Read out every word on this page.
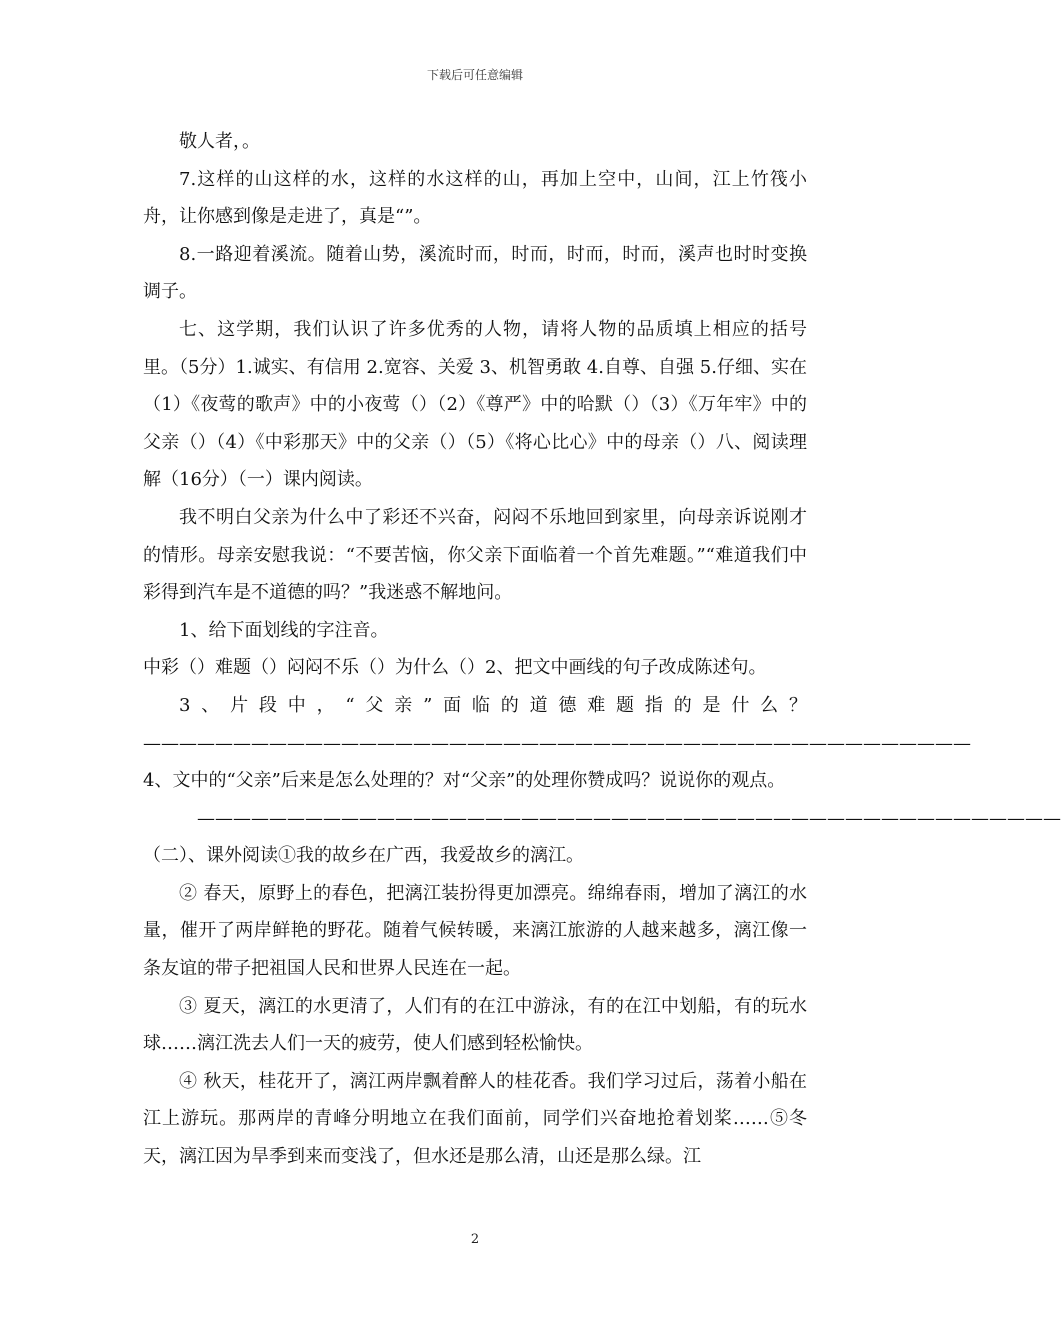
下载后可任意编辑

敬人者，。

7.这样的山这样的水，这样的水这样的山，再加上空中，山间，江上竹筏小舟，让你感到像是走进了，真是“”。

8.一路迎着溪流。随着山势，溪流时而，时而，时而，时而，溪声也时时变换调子。

七、这学期，我们认识了许多优秀的人物，请将人物的品质填上相应的括号里。（5分）1.诚实、有信用 2.宽容、关爱 3、机智勇敢 4.自尊、自强 5.仔细、实在（1）《夜莺的歌声》中的小夜莺（）（2）《尊严》中的哈默（）（3）《万年牢》中的父亲（）（4）《中彩那天》中的父亲（）（5）《将心比心》中的母亲（）八、阅读理解（16分）（一）课内阅读。

我不明白父亲为什么中了彩还不兴奋，闷闷不乐地回到家里，向母亲诉说刚才的情形。母亲安慰我说：“不要苦恼，你父亲下面临着一个首先难题。”“难道我们中彩得到汽车是不道德的吗？”我迷惑不解地问。

1、给下面划线的字注音。

中彩（）难题（）闷闷不乐（）为什么（）2、把文中画线的句子改成陈述句。

3、片段中，“父亲”面临的道德难题指的是什么？——————————————————————————————————————————————4、文中的“父亲”后来是怎么处理的？对“父亲”的处理你赞成吗？说说你的观点。

————————————————————————————————————————————————（二）、课外阅读①我的故乡在广西，我爱故乡的漓江。

② 春天，原野上的春色，把漓江装扮得更加漂亮。绵绵春雨，增加了漓江的水量，催开了两岸鲜艳的野花。随着气候转暖，来漓江旅游的人越来越多，漓江像一条友谊的带子把祖国人民和世界人民连在一起。

③ 夏天，漓江的水更清了，人们有的在江中游泳，有的在江中划船，有的玩水球……漓江洗去人们一天的疲劳，使人们感到轻松愉快。

④ 秋天，桂花开了，漓江两岸飘着醉人的桂花香。我们学习过后，荡着小船在江上游玩。那两岸的青峰分明地立在我们面前，同学们兴奋地抢着划桨……⑤冬天，漓江因为旱季到来而变浅了，但水还是那么清，山还是那么绿。江

2
